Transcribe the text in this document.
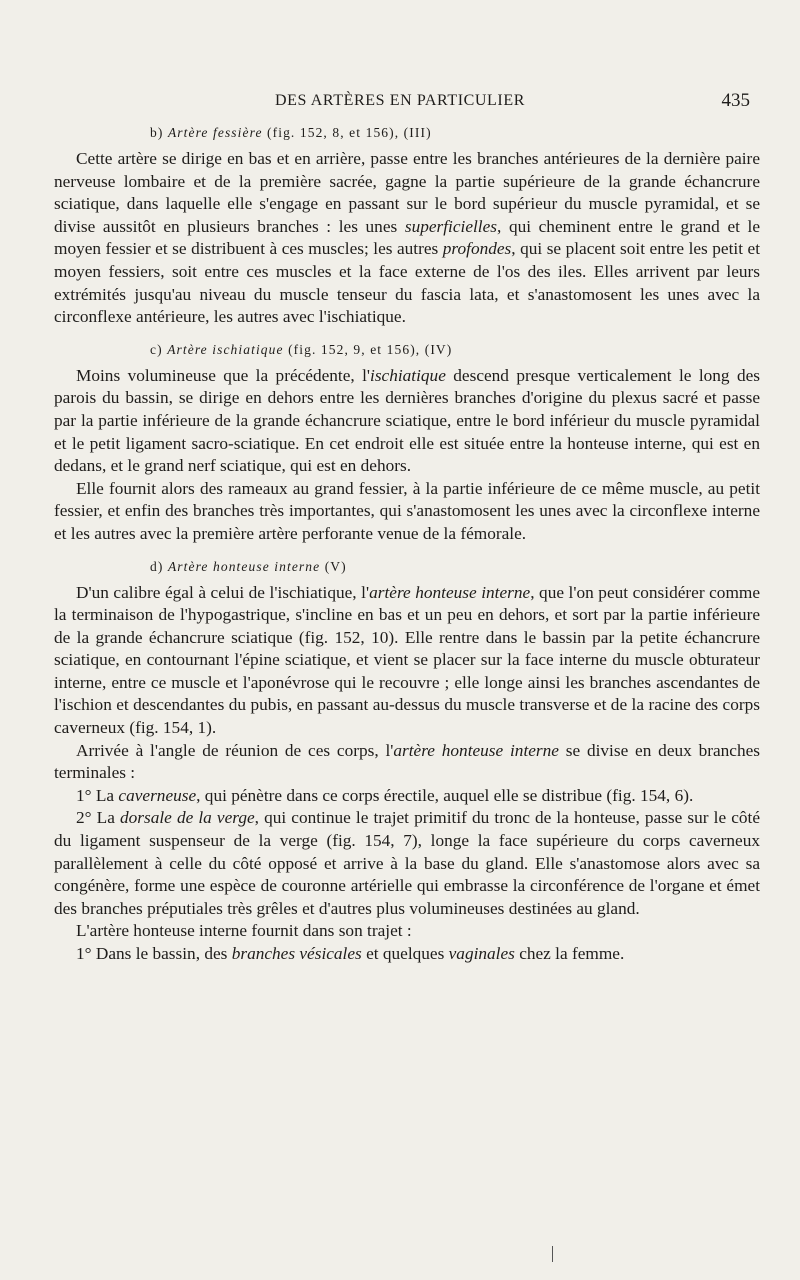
DES ARTÈRES EN PARTICULIER	435
b) Artère fessière (fig. 152, 8, et 156), (III)

Cette artère se dirige en bas et en arrière, passe entre les branches antérieures de la dernière paire nerveuse lombaire et de la première sacrée, gagne la partie supérieure de la grande échancrure sciatique, dans laquelle elle s'engage en passant sur le bord supérieur du muscle pyramidal, et se divise aussitôt en plusieurs branches : les unes superficielles, qui cheminent entre le grand et le moyen fessier et se distribuent à ces muscles; les autres profondes, qui se placent soit entre les petit et moyen fessiers, soit entre ces muscles et la face externe de l'os des iles. Elles arrivent par leurs extrémités jusqu'au niveau du muscle tenseur du fascia lata, et s'anastomosent les unes avec la circonflexe antérieure, les autres avec l'ischiatique.

c) Artère ischiatique (fig. 152, 9, et 156), (IV)

Moins volumineuse que la précédente, l'ischiatique descend presque verticalement le long des parois du bassin, se dirige en dehors entre les dernières branches d'origine du plexus sacré et passe par la partie inférieure de la grande échancrure sciatique, entre le bord inférieur du muscle pyramidal et le petit ligament sacro-sciatique. En cet endroit elle est située entre la honteuse interne, qui est en dedans, et le grand nerf sciatique, qui est en dehors.

Elle fournit alors des rameaux au grand fessier, à la partie inférieure de ce même muscle, au petit fessier, et enfin des branches très importantes, qui s'anastomosent les unes avec la circonflexe interne et les autres avec la première artère perforante venue de la fémorale.

d) Artère honteuse interne (V)

D'un calibre égal à celui de l'ischiatique, l'artère honteuse interne, que l'on peut considérer comme la terminaison de l'hypogastrique, s'incline en bas et un peu en dehors, et sort par la partie inférieure de la grande échancrure sciatique (fig. 152, 10). Elle rentre dans le bassin par la petite échancrure sciatique, en contournant l'épine sciatique, et vient se placer sur la face interne du muscle obturateur interne, entre ce muscle et l'aponévrose qui le recouvre ; elle longe ainsi les branches ascendantes de l'ischion et descendantes du pubis, en passant au-dessus du muscle transverse et de la racine des corps caverneux (fig. 154, 1).

Arrivée à l'angle de réunion de ces corps, l'artère honteuse interne se divise en deux branches terminales :

1° La caverneuse, qui pénètre dans ce corps érectile, auquel elle se distribue (fig. 154, 6).

2° La dorsale de la verge, qui continue le trajet primitif du tronc de la honteuse, passe sur le côté du ligament suspenseur de la verge (fig. 154, 7), longe la face supérieure du corps caverneux parallèlement à celle du côté opposé et arrive à la base du gland. Elle s'anastomose alors avec sa congénère, forme une espèce de couronne artérielle qui embrasse la circonférence de l'organe et émet des branches préputiales très grêles et d'autres plus volumineuses destinées au gland.

L'artère honteuse interne fournit dans son trajet :

1° Dans le bassin, des branches vésicales et quelques vaginales chez la femme.
